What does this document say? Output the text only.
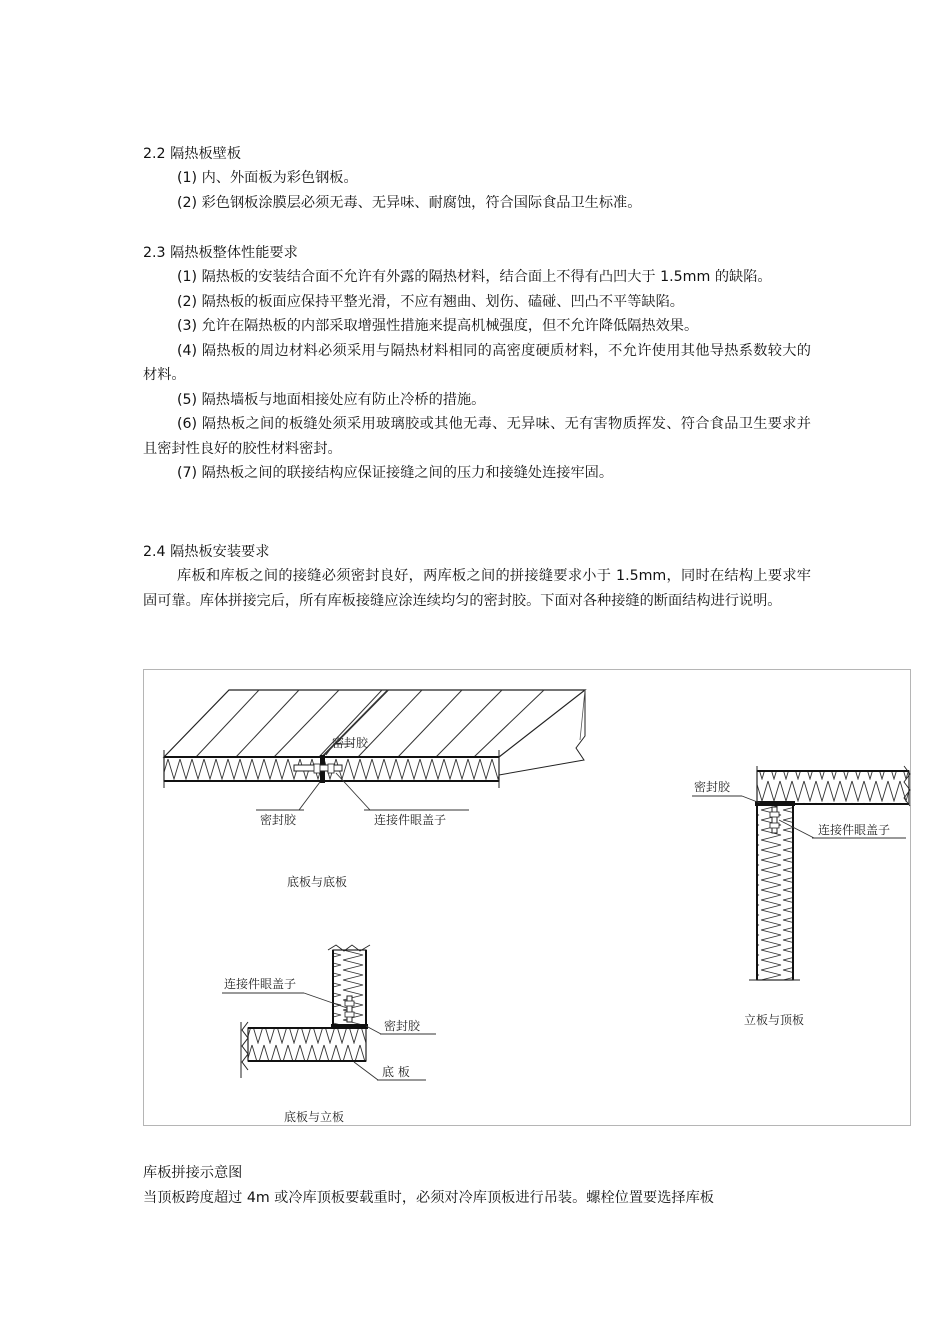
2.2 隔热板壁板

(1) 内、外面板为彩色钢板。

(2) 彩色钢板涂膜层必须无毒、无异味、耐腐蚀，符合国际食品卫生标准。

2.3 隔热板整体性能要求

(1) 隔热板的安装结合面不允许有外露的隔热材料，结合面上不得有凸凹大于 1.5mm 的缺陷。

(2) 隔热板的板面应保持平整光滑，不应有翘曲、划伤、磕碰、凹凸不平等缺陷。

(3) 允许在隔热板的内部采取增强性措施来提高机械强度，但不允许降低隔热效果。

(4) 隔热板的周边材料必须采用与隔热材料相同的高密度硬质材料，不允许使用其他导热系数较大的材料。

(5) 隔热墙板与地面相接处应有防止冷桥的措施。

(6) 隔热板之间的板缝处须采用玻璃胶或其他无毒、无异味、无有害物质挥发、符合食品卫生要求并且密封性良好的胶性材料密封。

(7) 隔热板之间的联接结构应保证接缝之间的压力和接缝处连接牢固。

2.4 隔热板安装要求

库板和库板之间的接缝必须密封良好，两库板之间的拼接缝要求小于 1.5mm，同时在结构上要求牢固可靠。库体拼接完后，所有库板接缝应涂连续均匀的密封胶。下面对各种接缝的断面结构进行说明。

密封胶
密封胶	连接件眼盖子
底板与底板
密封胶
连接件眼盖子
立板与顶板
连接件眼盖子
密封胶
底 板
底板与立板
库板拼接示意图
当顶板跨度超过 4m 或冷库顶板要载重时，必须对冷库顶板进行吊装。螺栓位置要选择库板
